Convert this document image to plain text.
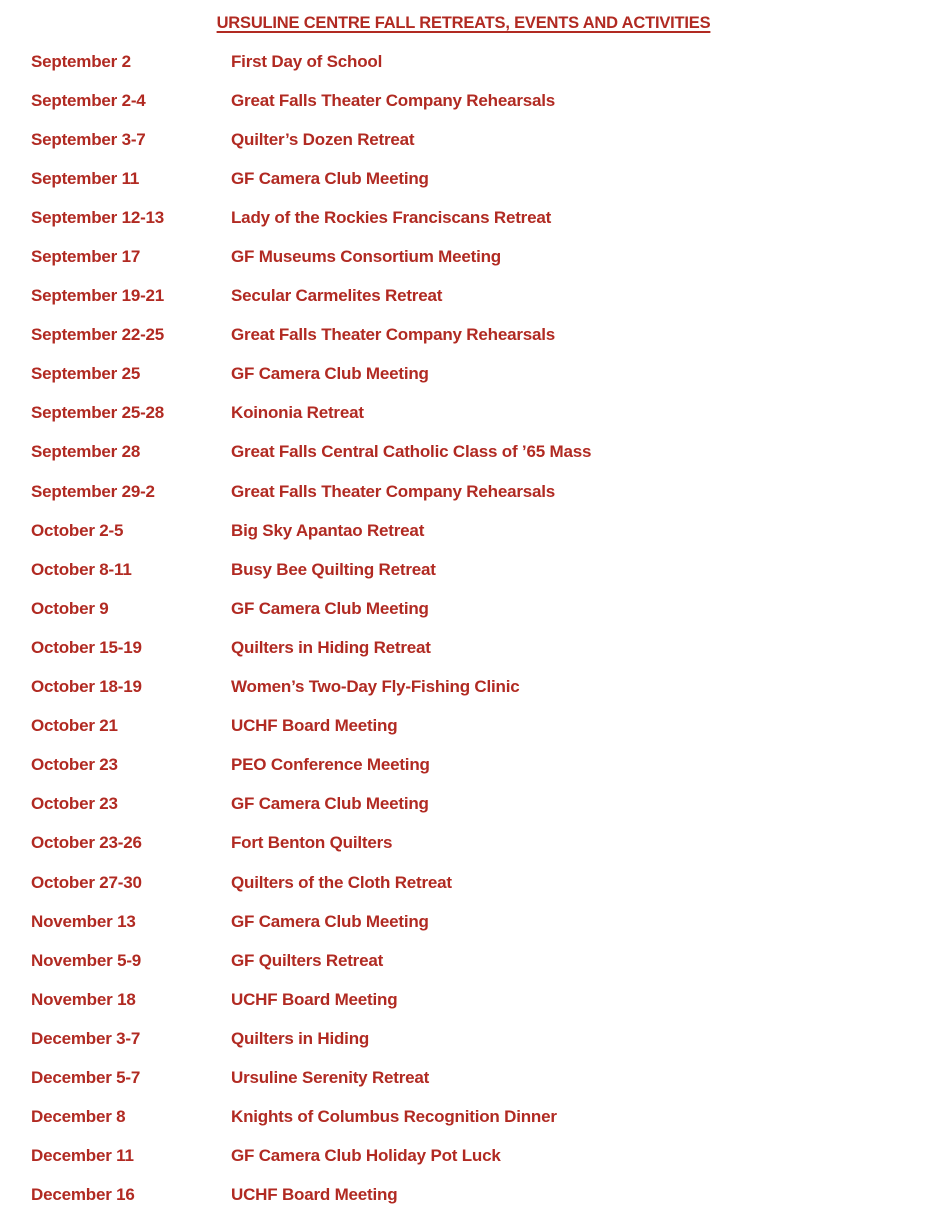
URSULINE CENTRE FALL RETREATS, EVENTS AND ACTIVITIES
September 2	First Day of School
September 2-4	Great Falls Theater Company Rehearsals
September 3-7	Quilter’s Dozen Retreat
September 11	GF Camera Club Meeting
September 12-13	Lady of the Rockies Franciscans Retreat
September 17	GF Museums Consortium Meeting
September 19-21	Secular Carmelites Retreat
September 22-25	Great Falls Theater Company Rehearsals
September 25	GF Camera Club Meeting
September 25-28	Koinonia Retreat
September 28	Great Falls Central Catholic Class of ’65 Mass
September 29-2	Great Falls Theater Company Rehearsals
October 2-5	Big Sky Apantao Retreat
October 8-11	Busy Bee Quilting Retreat
October 9	GF Camera Club Meeting
October 15-19	Quilters in Hiding Retreat
October 18-19	Women’s Two-Day Fly-Fishing Clinic
October 21	UCHF Board Meeting
October 23	PEO Conference Meeting
October 23	GF Camera Club Meeting
October 23-26	Fort Benton Quilters
October 27-30	Quilters of the Cloth Retreat
November 13	GF Camera Club Meeting
November 5-9	GF Quilters Retreat
November 18	UCHF Board Meeting
December 3-7	Quilters in Hiding
December 5-7	Ursuline Serenity Retreat
December 8	Knights of Columbus Recognition Dinner
December 11	GF Camera Club Holiday Pot Luck
December 16	UCHF Board Meeting
